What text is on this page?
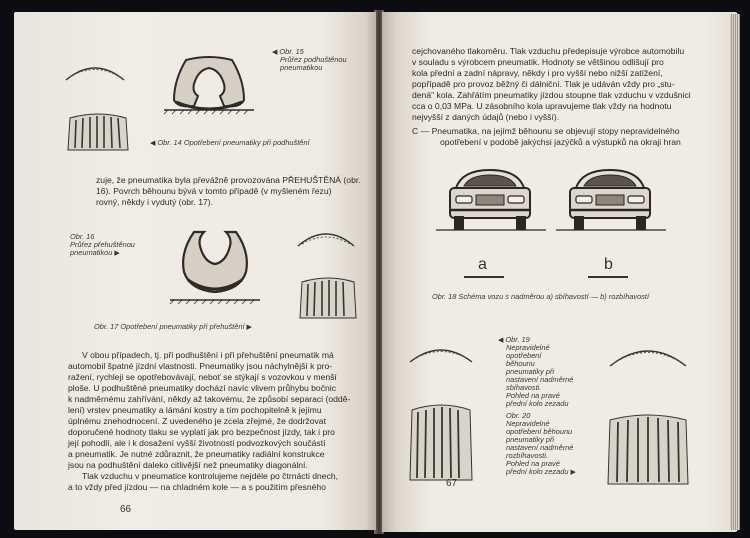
◀ Obr. 15
Průřez podhuštěnou
pneumatikou
◀ Obr. 14 Opotřebení pneumatiky při podhuštění
zuje, že pneumatika byla převážně provozována PŘEHUŠTĚNÁ (obr.
16). Povrch běhounu bývá v tomto případě (v myšleném řezu)
rovný, někdy i vydutý (obr. 17).
Obr. 16
Průřez přehuštěnou
pneumatikou ▶
Obr. 17 Opotřebení pneumatiky při přehuštění ▶
V obou případech, tj. při podhuštění i při přehuštění pneumatik má
automobil špatné jízdní vlastnosti. Pneumatiky jsou náchylnější k pro-
ražení, rychleji se opotřebovávají, neboť se stýkají s vozovkou v menší
ploše. U podhuštěné pneumatiky dochází navíc vlivem průhybu bočnic
k nadměrnému zahřívání, někdy až takovému, že způsobí separaci (oddě-
lení) vrstev pneumatiky a lámání kostry a tím pochopitelně k jejímu
úplnému znehodnocení. Z uvedeného je zcela zřejmé, že dodržovat
doporučené hodnoty tlaku se vyplatí jak pro bezpečnost jízdy, tak i pro
její pohodlí, ale i k dosažení vyšší životnosti podvozkových součástí
a pneumatik. Je nutné zdůraznit, že pneumatiky radiální konstrukce
jsou na podhuštění daleko citlivější než pneumatiky diagonální.
Tlak vzduchu v pneumatice kontrolujeme nejdéle po čtrnácti dnech,
a to vždy před jízdou — na chladném kole — a s použitím přesného
66
cejchovaného tlakoměru. Tlak vzduchu předepisuje výrobce automobilu
v souladu s výrobcem pneumatik. Hodnoty se většinou odlišují pro
kola přední a zadní nápravy, někdy i pro vyšší nebo nižší zatížení,
popřípadě pro provoz běžný či dálniční. Tlak je udáván vždy pro „stu-
dená" kola. Zahřátím pneumatiky jízdou stoupne tlak vzduchu v vzdušnici
cca o 0,03 MPa. U zásobního kola upravujeme tlak vždy na hodnotu
nejvyšší z daných údajů (nebo i vyšší).
C — Pneumatika, na jejímž běhounu se objevují stopy nepravidelného
opotřebení v podobě jakýchsi jazýčků a výstupků na okraji hran
a	b
Obr. 18 Schéma vozu s nadměrou a) sbíhavostí — b) rozbíhavostí
◀ Obr. 19
Nepravidelné
opotřebení
běhounu
pneumatiky při
nastavení nadměrné
sbíhavosti.
Pohled na pravé
přední kolo zezadu
Obr. 20
Nepravidelné
opotřebení běhounu
pneumatiky při
nastavení nadměrné
rozbíhavosti.
Pohled na pravé
přední kolo zezadu ▶
67
